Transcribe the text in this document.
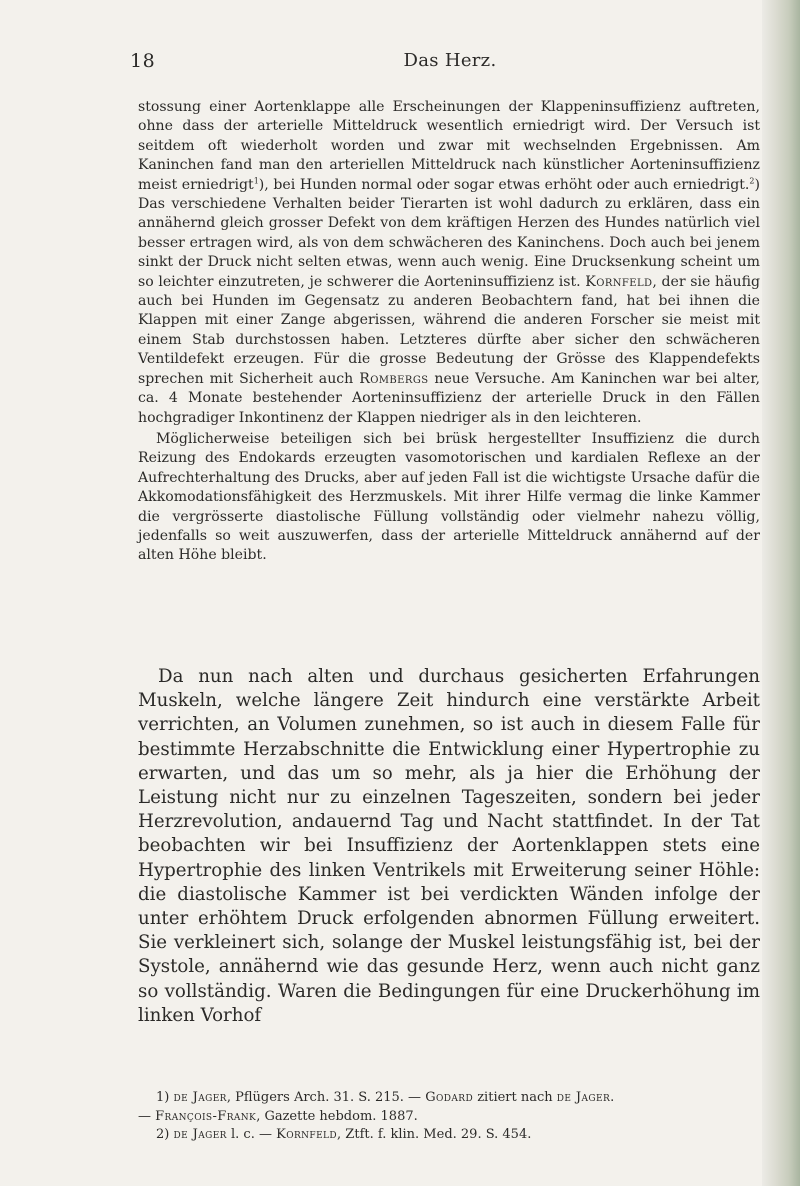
18	Das Herz.

stossung einer Aortenklappe alle Erscheinungen der Klappeninsuffizienz auftreten, ohne dass der arterielle Mitteldruck wesentlich erniedrigt wird. Der Versuch ist seitdem oft wiederholt worden und zwar mit wechselnden Ergebnissen. Am Kaninchen fand man den arteriellen Mitteldruck nach künstlicher Aorteninsuffizienz meist erniedrigt$^1$), bei Hunden normal oder sogar etwas erhöht oder auch erniedrigt.$^2$) Das verschiedene Verhalten beider Tierarten ist wohl dadurch zu erklären, dass ein annähernd gleich grosser Defekt von dem kräftigen Herzen des Hundes natürlich viel besser ertragen wird, als von dem schwächeren des Kaninchens. Doch auch bei jenem sinkt der Druck nicht selten etwas, wenn auch wenig. Eine Drucksenkung scheint um so leichter einzutreten, je schwerer die Aorteninsuffizienz ist. Kornfeld, der sie häufig auch bei Hunden im Gegensatz zu anderen Beobachtern fand, hat bei ihnen die Klappen mit einer Zange abgerissen, während die anderen Forscher sie meist mit einem Stab durchstossen haben. Letzteres dürfte aber sicher den schwächeren Ventildefekt erzeugen. Für die grosse Bedeutung der Grösse des Klappendefekts sprechen mit Sicherheit auch Rombergs neue Versuche. Am Kaninchen war bei alter, ca. 4 Monate bestehender Aorteninsuffizienz der arterielle Druck in den Fällen hochgradiger Inkontinenz der Klappen niedriger als in den leichteren.

Möglicherweise beteiligen sich bei brüsk hergestellter Insuffizienz die durch Reizung des Endokards erzeugten vasomotorischen und kardialen Reflexe an der Aufrechterhaltung des Drucks, aber auf jeden Fall ist die wichtigste Ursache dafür die Akkomodationsfähigkeit des Herzmuskels. Mit ihrer Hilfe vermag die linke Kammer die vergrösserte diastolische Füllung vollständig oder vielmehr nahezu völlig, jedenfalls so weit auszuwerfen, dass der arterielle Mitteldruck annähernd auf der alten Höhe bleibt.

Da nun nach alten und durchaus gesicherten Erfahrungen Muskeln, welche längere Zeit hindurch eine verstärkte Arbeit verrichten, an Volumen zunehmen, so ist auch in diesem Falle für bestimmte Herzabschnitte die Entwicklung einer Hypertrophie zu erwarten, und das um so mehr, als ja hier die Erhöhung der Leistung nicht nur zu einzelnen Tageszeiten, sondern bei jeder Herzrevolution, andauernd Tag und Nacht stattfindet. In der Tat beobachten wir bei Insuffizienz der Aortenklappen stets eine Hypertrophie des linken Ventrikels mit Erweiterung seiner Höhle: die diastolische Kammer ist bei verdickten Wänden infolge der unter erhöhtem Druck erfolgenden abnormen Füllung erweitert. Sie verkleinert sich, solange der Muskel leistungsfähig ist, bei der Systole, annähernd wie das gesunde Herz, wenn auch nicht ganz so vollständig. Waren die Bedingungen für eine Druckerhöhung im linken Vorhof

1) de Jager, Pflügers Arch. 31. S. 215. — Godard zitiert nach de Jager.
— François-Frank, Gazette hebdom. 1887.
2) de Jager l. c. — Kornfeld, Ztft. f. klin. Med. 29. S. 454.
